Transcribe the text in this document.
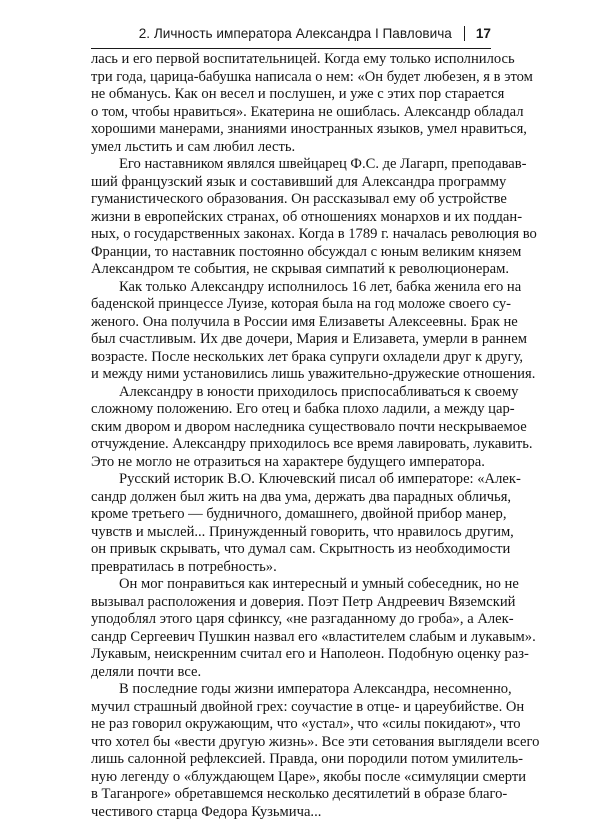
2. Личность императора Александра I Павловича 17

лась и его первой воспитательницей. Когда ему только исполнилось
три года, царица-бабушка написала о нем: «Он будет любезен, я в этом
не обманусь. Как он весел и послушен, и уже с этих пор старается
о том, чтобы нравиться». Екатерина не ошиблась. Александр обладал
хорошими манерами, знаниями иностранных языков, умел нравиться,
умел льстить и сам любил лесть.

Его наставником являлся швейцарец Ф.С. де Лагарп, преподавав-
ший французский язык и составивший для Александра программу
гуманистического образования. Он рассказывал ему об устройстве
жизни в европейских странах, об отношениях монархов и их поддан-
ных, о государственных законах. Когда в 1789 г. началась революция во
Франции, то наставник постоянно обсуждал с юным великим князем
Александром те события, не скрывая симпатий к революционерам.

Как только Александру исполнилось 16 лет, бабка женила его на
баденской принцессе Луизе, которая была на год моложе своего су-
женого. Она получила в России имя Елизаветы Алексеевны. Брак не
был счастливым. Их две дочери, Мария и Елизавета, умерли в раннем
возрасте. После нескольких лет брака супруги охладели друг к другу,
и между ними установились лишь уважительно-дружеские отношения.

Александру в юности приходилось приспосабливаться к своему
сложному положению. Его отец и бабка плохо ладили, а между цар-
ским двором и двором наследника существовало почти нескрываемое
отчуждение. Александру приходилось все время лавировать, лукавить.
Это не могло не отразиться на характере будущего императора.

Русский историк В.О. Ключевский писал об императоре: «Алек-
сандр должен был жить на два ума, держать два парадных обличья,
кроме третьего — будничного, домашнего, двойной прибор манер,
чувств и мыслей... Принужденный говорить, что нравилось другим,
он привык скрывать, что думал сам. Скрытность из необходимости
превратилась в потребность».

Он мог понравиться как интересный и умный собеседник, но не
вызывал расположения и доверия. Поэт Петр Андреевич Вяземский
уподоблял этого царя сфинксу, «не разгаданному до гроба», а Алек-
сандр Сергеевич Пушкин назвал его «властителем слабым и лукавым».
Лукавым, неискренним считал его и Наполеон. Подобную оценку раз-
деляли почти все.

В последние годы жизни императора Александра, несомненно,
мучил страшный двойной грех: соучастие в отце- и цареубийстве. Он
не раз говорил окружающим, что «устал», что «силы покидают», что
что хотел бы «вести другую жизнь». Все эти сетования выглядели всего
лишь салонной рефлексией. Правда, они породили потом умилитель-
ную легенду о «блуждающем Царе», якобы после «симуляции смерти
в Таганроге» обретавшемся несколько десятилетий в образе благо-
честивого старца Федора Кузьмича...
